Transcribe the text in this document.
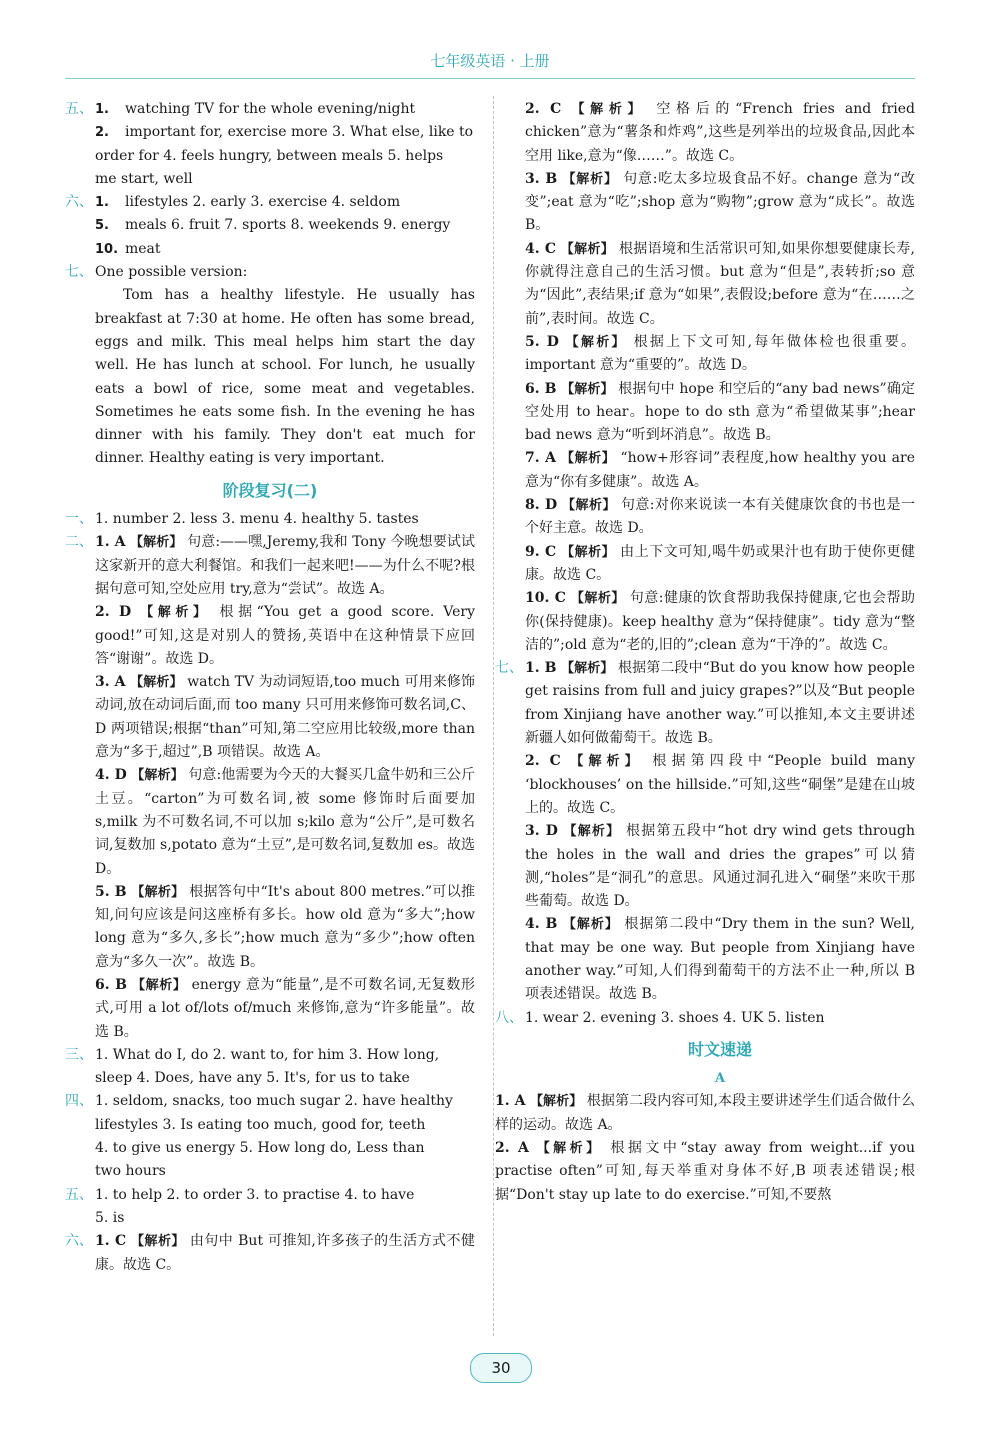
七年级英语 · 上册
五、 1.	watching TV for the whole evening/night
2.	important for, exercise more 3. What else, like to
order for 4. feels hungry, between meals 5. helps
me start, well
六、 1.	lifestyles 2. early 3. exercise 4. seldom
5.	meals 6. fruit 7. sports 8. weekends 9. energy
10. meat
七、 One possible version:
Tom has a healthy lifestyle. He usually has breakfast at 7:30 at home. He often has some bread, eggs and milk. This meal helps him start the day well. He has lunch at school. For lunch, he usually eats a bowl of rice, some meat and vegetables. Sometimes he eats some fish. In the evening he has dinner with his family. They don't eat much for dinner. Healthy eating is very important.
阶段复习(二)
一、 1. number 2. less 3. menu 4. healthy 5. tastes
二、 1. A 【解析】 句意:——嘿,Jeremy,我和 Tony 今晚想要试试这家新开的意大利餐馆。和我们一起来吧!——为什么不呢?根据句意可知,空处应用 try,意为“尝试”。故选 A。
2. D 【解析】 根据“You get a good score. Very good!”可知,这是对别人的赞扬,英语中在这种情景下应回答“谢谢”。故选 D。
3. A 【解析】 watch TV 为动词短语,too much 可用来修饰动词,放在动词后面,而 too many 只可用来修饰可数名词,C、D 两项错误;根据“than”可知,第二空应用比较级,more than 意为“多于,超过”,B 项错误。故选 A。
4. D 【解析】 句意:他需要为今天的大餐买几盒牛奶和三公斤土豆。“carton”为可数名词,被 some 修饰时后面要加 s,milk 为不可数名词,不可以加 s;kilo 意为“公斤”,是可数名词,复数加 s,potato 意为“土豆”,是可数名词,复数加 es。故选 D。
5. B 【解析】 根据答句中“It's about 800 metres.”可以推知,问句应该是问这座桥有多长。how old 意为“多大”;how long 意为“多久,多长”;how much 意为“多少”;how often 意为“多久一次”。故选 B。
6. B 【解析】 energy 意为“能量”,是不可数名词,无复数形式,可用 a lot of/lots of/much 来修饰,意为“许多能量”。故选 B。
三、 1. What do I, do 2. want to, for him 3. How long,
sleep 4. Does, have any 5. It's, for us to take
四、 1. seldom, snacks, too much sugar 2. have healthy
lifestyles 3. Is eating too much, good for, teeth
4. to give us energy 5. How long do, Less than
two hours
五、 1. to help 2. to order 3. to practise 4. to have
5. is
六、 1. C 【解析】 由句中 But 可推知,许多孩子的生活方式不健康。故选 C。
2. C 【解析】 空格后的“French fries and fried chicken”意为“薯条和炸鸡”,这些是列举出的垃圾食品,因此本空用 like,意为“像……”。故选 C。
3. B 【解析】 句意:吃太多垃圾食品不好。change 意为“改变”;eat 意为“吃”;shop 意为“购物”;grow 意为“成长”。故选 B。
4. C 【解析】 根据语境和生活常识可知,如果你想要健康长寿,你就得注意自己的生活习惯。but 意为“但是”,表转折;so 意为“因此”,表结果;if 意为“如果”,表假设;before 意为“在……之前”,表时间。故选 C。
5. D 【解析】 根据上下文可知,每年做体检也很重要。important 意为“重要的”。故选 D。
6. B 【解析】 根据句中 hope 和空后的“any bad news”确定空处用 to hear。hope to do sth 意为“希望做某事”;hear bad news 意为“听到坏消息”。故选 B。
7. A 【解析】 “how+形容词”表程度,how healthy you are 意为“你有多健康”。故选 A。
8. D 【解析】 句意:对你来说读一本有关健康饮食的书也是一个好主意。故选 D。
9. C 【解析】 由上下文可知,喝牛奶或果汁也有助于使你更健康。故选 C。
10. C 【解析】 句意:健康的饮食帮助我保持健康,它也会帮助你(保持健康)。keep healthy 意为“保持健康”。tidy 意为“整洁的”;old 意为“老的,旧的”;clean 意为“干净的”。故选 C。
七、 1. B 【解析】 根据第二段中“But do you know how people get raisins from full and juicy grapes?”以及“But people from Xinjiang have another way.”可以推知,本文主要讲述新疆人如何做葡萄干。故选 B。
2. C 【解析】 根据第四段中“People build many ‘blockhouses’ on the hillside.”可知,这些“硐堡”是建在山坡上的。故选 C。
3. D 【解析】 根据第五段中“hot dry wind gets through the holes in the wall and dries the grapes”可以猜测,“holes”是“洞孔”的意思。风通过洞孔进入“硐堡”来吹干那些葡萄。故选 D。
4. B 【解析】 根据第二段中“Dry them in the sun? Well, that may be one way. But people from Xinjiang have another way.”可知,人们得到葡萄干的方法不止一种,所以 B 项表述错误。故选 B。
八、 1. wear 2. evening 3. shoes 4. UK 5. listen
时文速递
A
1. A 【解析】 根据第二段内容可知,本段主要讲述学生们适合做什么样的运动。故选 A。
2. A 【解析】 根据文中“stay away from weight...if you practise often”可知,每天举重对身体不好,B 项表述错误;根据“Don't stay up late to do exercise.”可知,不要熬
30
